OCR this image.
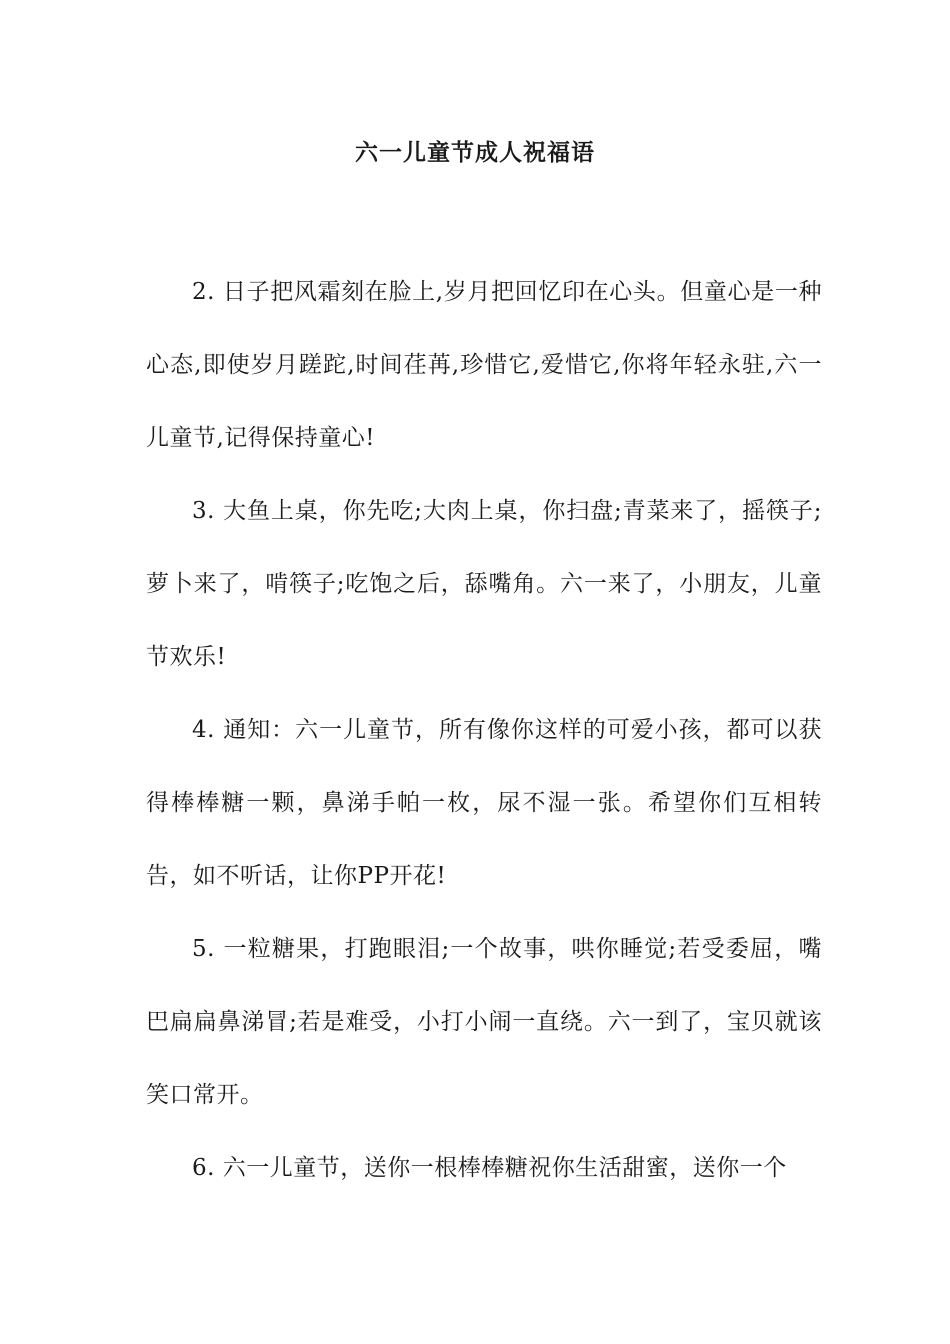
六一儿童节成人祝福语

2. 日子把风霜刻在脸上,岁月把回忆印在心头。但童心是一种心态,即使岁月蹉跎,时间荏苒,珍惜它,爱惜它,你将年轻永驻,六一儿童节,记得保持童心!

3. 大鱼上桌，你先吃;大肉上桌，你扫盘;青菜来了，摇筷子;萝卜来了，啃筷子;吃饱之后，舔嘴角。六一来了，小朋友，儿童节欢乐!

4. 通知：六一儿童节，所有像你这样的可爱小孩，都可以获得棒棒糖一颗，鼻涕手帕一枚，尿不湿一张。希望你们互相转告，如不听话，让你PP开花!

5. 一粒糖果，打跑眼泪;一个故事，哄你睡觉;若受委屈，嘴巴扁扁鼻涕冒;若是难受，小打小闹一直绕。六一到了，宝贝就该笑口常开。

6. 六一儿童节，送你一根棒棒糖祝你生活甜蜜，送你一个
